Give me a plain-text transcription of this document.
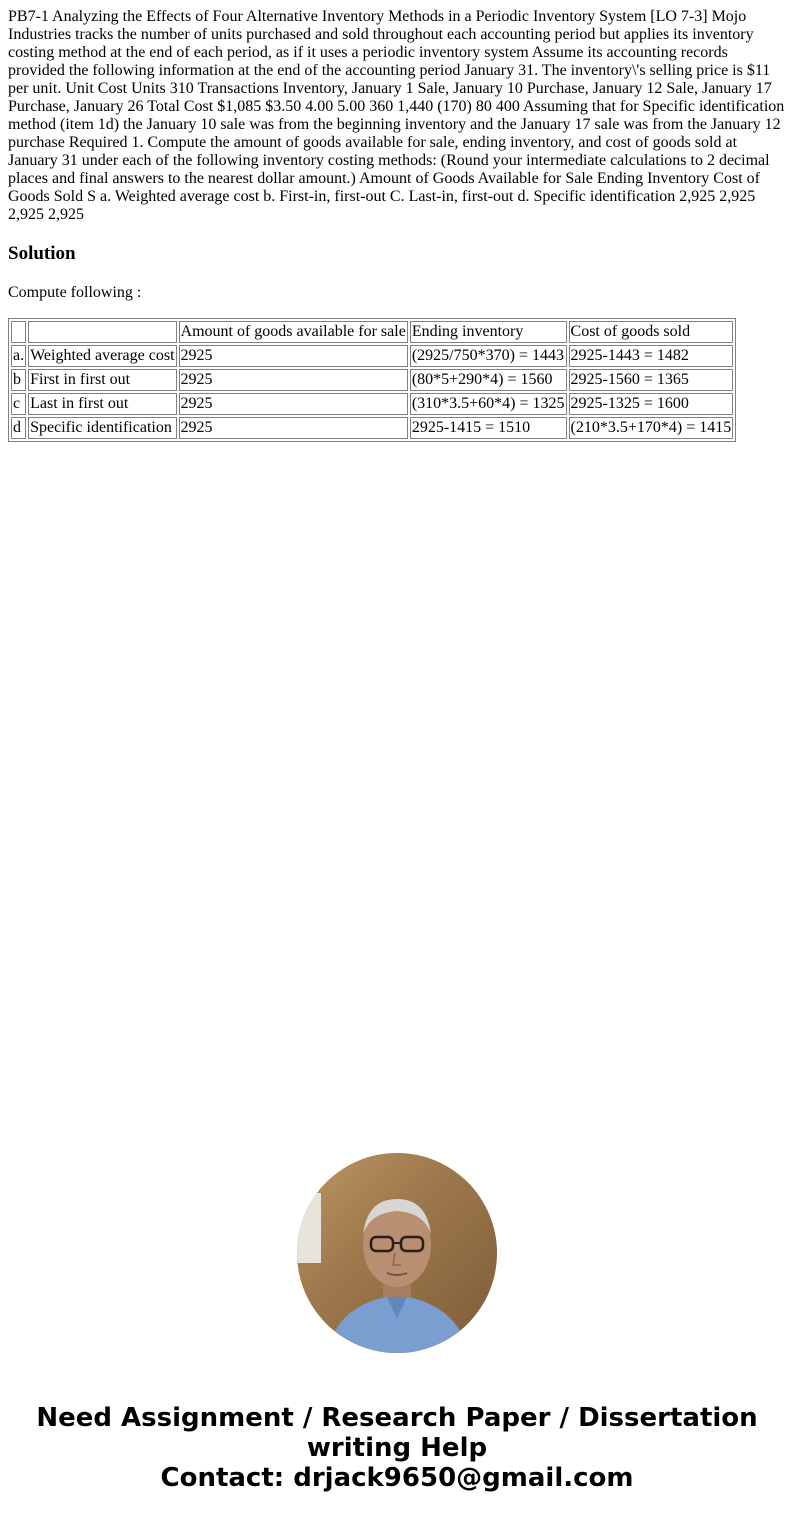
PB7-1 Analyzing the Effects of Four Alternative Inventory Methods in a Periodic Inventory System [LO 7-3] Mojo Industries tracks the number of units purchased and sold throughout each accounting period but applies its inventory costing method at the end of each period, as if it uses a periodic inventory system Assume its accounting records provided the following information at the end of the accounting period January 31. The inventory\'s selling price is $11 per unit. Unit Cost Units 310 Transactions Inventory, January 1 Sale, January 10 Purchase, January 12 Sale, January 17 Purchase, January 26 Total Cost $1,085 $3.50 4.00 5.00 360 1,440 (170) 80 400 Assuming that for Specific identification method (item 1d) the January 10 sale was from the beginning inventory and the January 17 sale was from the January 12 purchase Required 1. Compute the amount of goods available for sale, ending inventory, and cost of goods sold at January 31 under each of the following inventory costing methods: (Round your intermediate calculations to 2 decimal places and final answers to the nearest dollar amount.) Amount of Goods Available for Sale Ending Inventory Cost of Goods Sold S a. Weighted average cost b. First-in, first-out C. Last-in, first-out d. Specific identification 2,925 2,925 2,925 2,925

Solution

Compute following :

		Amount of goods available for sale	Ending inventory	Cost of goods sold
a.	Weighted average cost	2925	(2925/750*370) = 1443	2925-1443 = 1482
b	First in first out	2925	(80*5+290*4) = 1560	2925-1560 = 1365
c	Last in first out	2925	(310*3.5+60*4) = 1325	2925-1325 = 1600
d	Specific identification	2925	2925-1415 = 1510	(210*3.5+170*4) = 1415
Need Assignment / Research Paper / Dissertation
writing Help
Contact: drjack9650@gmail.com
